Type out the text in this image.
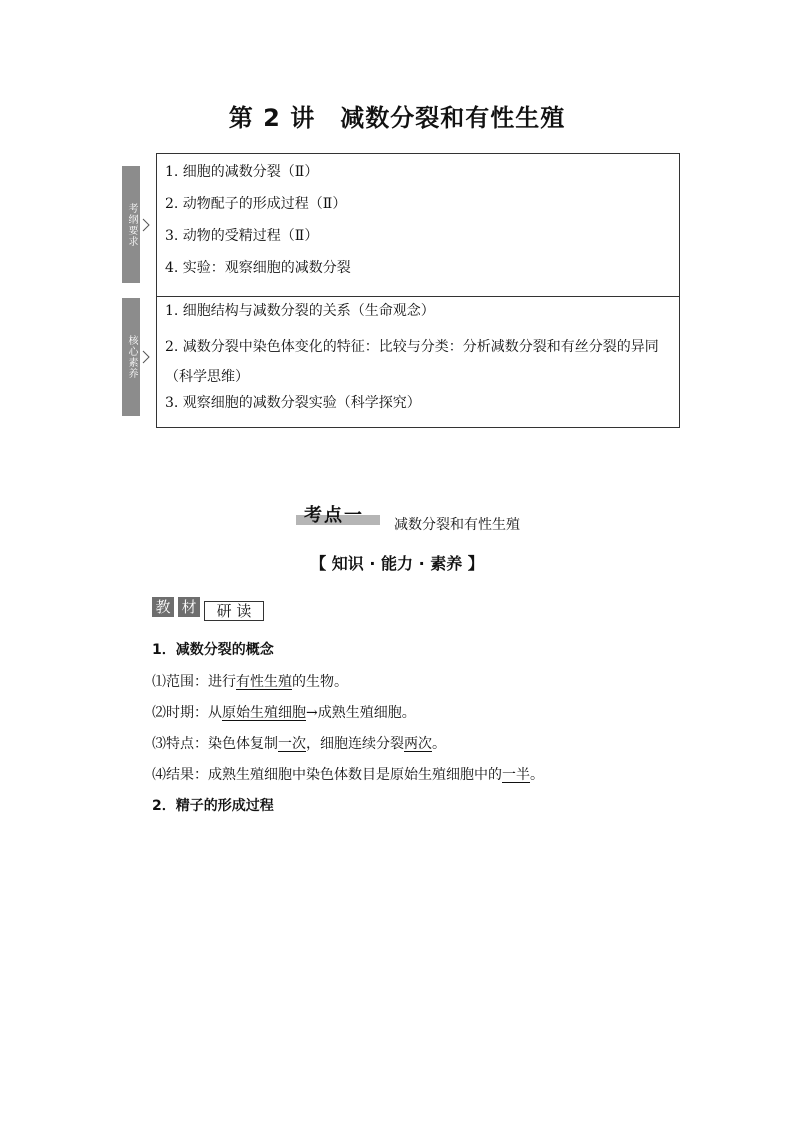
第 2 讲　减数分裂和有性生殖
考纲要求
1. 细胞的减数分裂（Ⅱ）
2. 动物配子的形成过程（Ⅱ）
3. 动物的受精过程（Ⅱ）
4. 实验：观察细胞的减数分裂
核心素养
1. 细胞结构与减数分裂的关系（生命观念）
2. 减数分裂中染色体变化的特征：比较与分类：分析减数分裂和有丝分裂的异同（科学思维）
3. 观察细胞的减数分裂实验（科学探究）
考点一 减数分裂和有性生殖
【 知识 · 能力 · 素养 】
教 材	研 读
1．减数分裂的概念
⑴范围：进行有性生殖的生物。
⑵时期：从原始生殖细胞→成熟生殖细胞。
⑶特点：染色体复制一次，细胞连续分裂两次。
⑷结果：成熟生殖细胞中染色体数目是原始生殖细胞中的一半。
2．精子的形成过程
